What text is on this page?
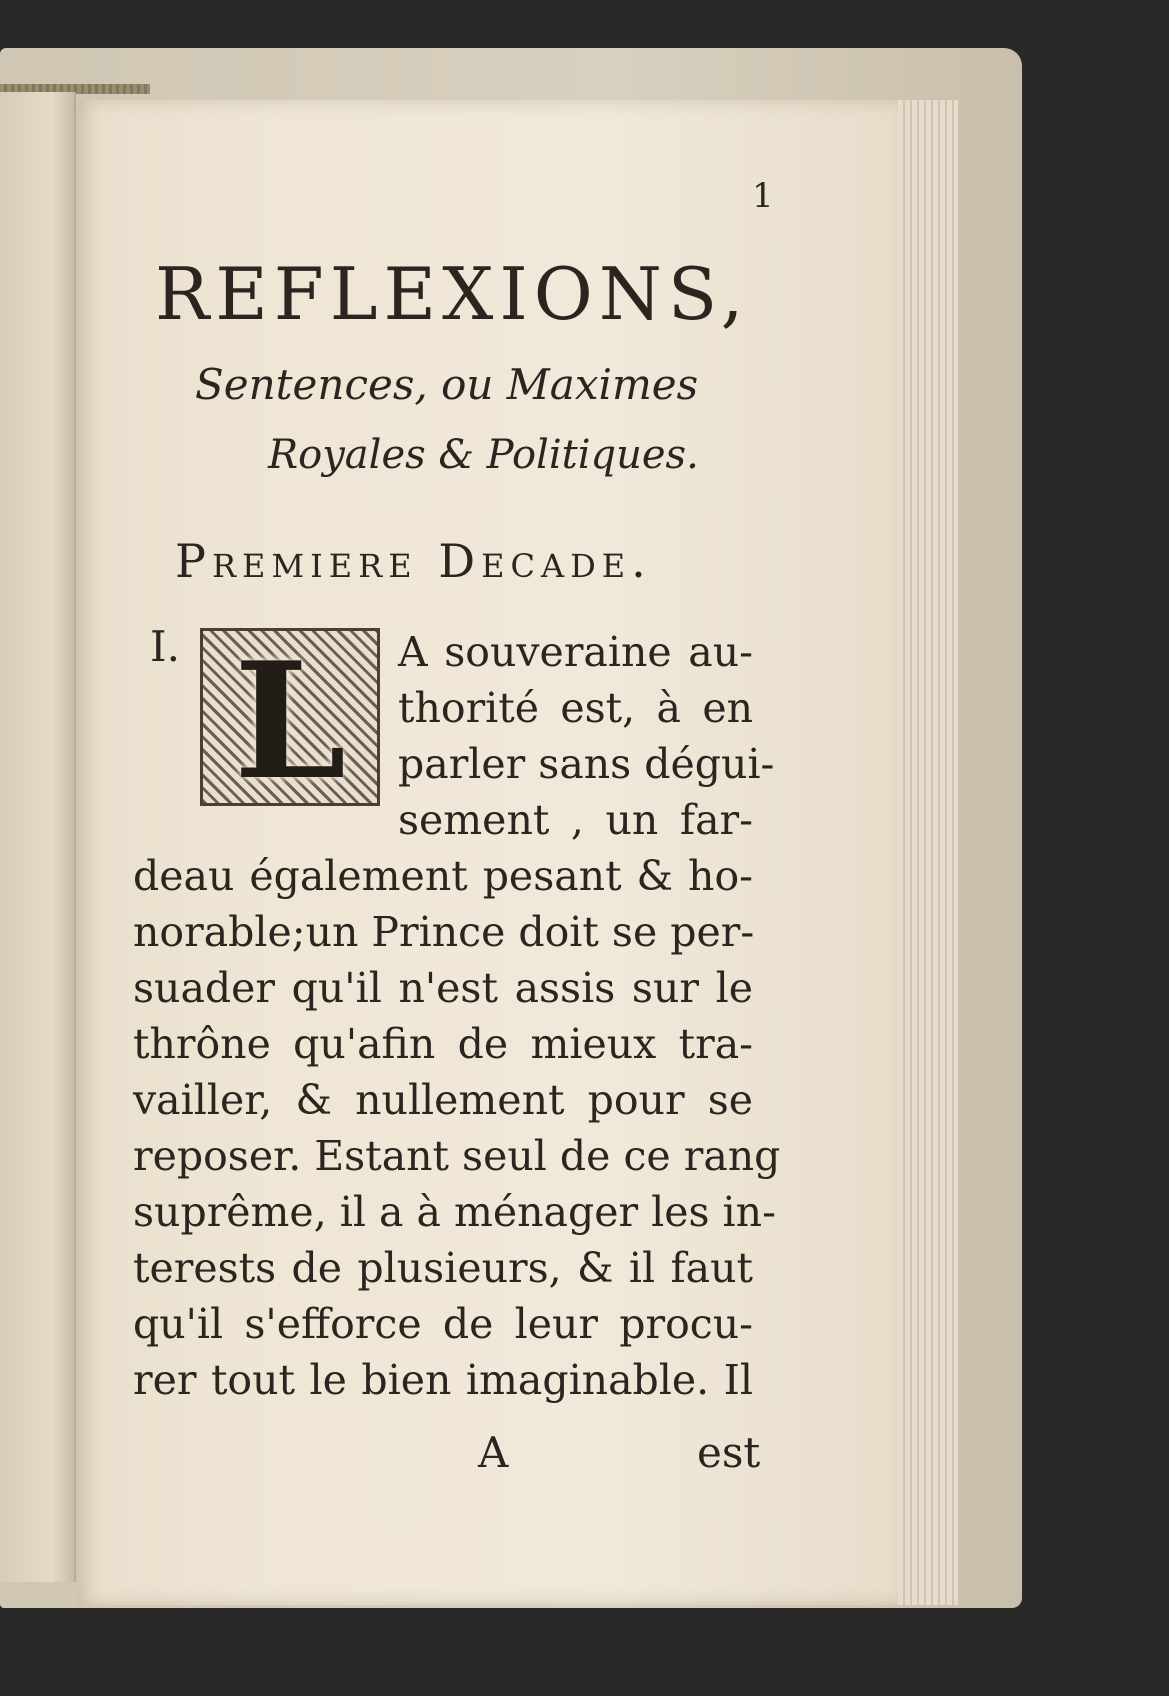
1
REFLEXIONS,
Sentences, ou Maximes
Royales & Politiques.
Premiere Decade.
I. L	A souveraine au-
thorité est, à en
parler sans dégui-
sement , un far-
deau également pesant & ho-
norable;un Prince doit se per-
suader qu'il n'est assis sur le
thrône qu'afin de mieux tra-
vailler, & nullement pour se
reposer. Estant seul de ce rang
suprême, il a à ménager les in-
terests de plusieurs, & il faut
qu'il s'efforce de leur procu-
rer tout le bien imaginable. Il
A	est
